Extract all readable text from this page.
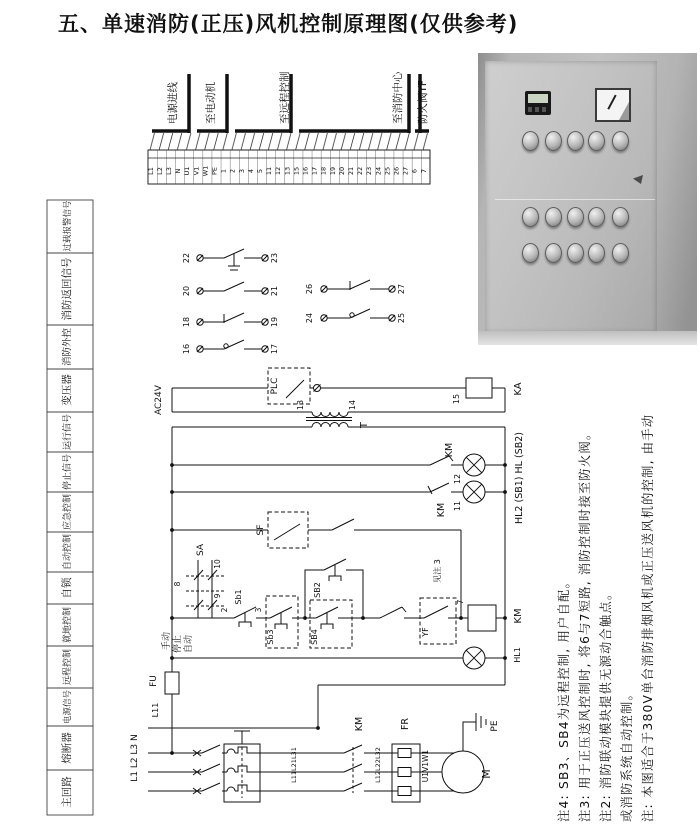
五、单速消防(正压)风机控制原理图(仅供参考)
过载报警信号
消防返回信号
消防外控
变压器
运行信号
停止信号
应急控制
自动控制
自锁
就地控制
远程控制
电源信号
熔断器
主回路
电源进线 至电动机	至远程控制	至消防中心 防火阀YF
L1 L2 L3 N U1 V1 W1 PE 1 2 3 4 5 11 12 13 15 16 17 18 19 20 21 22 23 24 25 26 27 6 7
22	23
20	21
18	19
16	17
26	27
24	25
AC24V	PLC
13	14
T
15
KA
KM
12
KM 11	HL2 (SB1) HL (SB2)
SF
SA
10
8
9
2	3
手动 停止 自动
Sb1
Sb3
SB2
SB4
见注 3
YF
7
KM
HL1
FU
L11
L1 L2 L3 N	L11L21L31
KM
L12L22L32
FR
U1V1W1	M
PE	注: 本图适合于380V单台消防排烟风机或正压送风机的控制, 由手动
或消防系统自动控制。
注2: 消防联动模块提供无源动合触点。
注3: 用于正压送风控制时, 将6与7短路, 消防控制时接至防火阀。
注4: SB3、SB4为远程控制, 用户自配。
